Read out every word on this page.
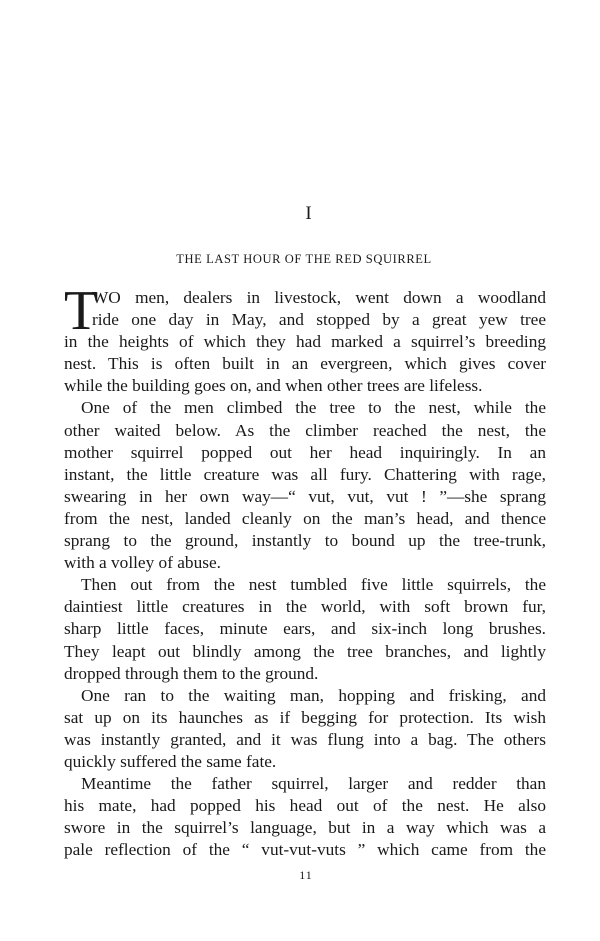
I
THE LAST HOUR OF THE RED SQUIRREL
T
WO men, dealers in livestock, went down a woodland
ride one day in May, and stopped by a great yew tree
in the heights of which they had marked a squirrel’s breeding
nest. This is often built in an evergreen, which gives cover
while the building goes on, and when other trees are lifeless.
One of the men climbed the tree to the nest, while the
other waited below. As the climber reached the nest, the
mother squirrel popped out her head inquiringly. In an
instant, the little creature was all fury. Chattering with rage,
swearing in her own way—“ vut, vut, vut ! ”—she sprang
from the nest, landed cleanly on the man’s head, and thence
sprang to the ground, instantly to bound up the tree-trunk,
with a volley of abuse.
Then out from the nest tumbled five little squirrels, the
daintiest little creatures in the world, with soft brown fur,
sharp little faces, minute ears, and six-inch long brushes.
They leapt out blindly among the tree branches, and lightly
dropped through them to the ground.
One ran to the waiting man, hopping and frisking, and
sat up on its haunches as if begging for protection. Its wish
was instantly granted, and it was flung into a bag. The others
quickly suffered the same fate.
Meantime the father squirrel, larger and redder than
his mate, had popped his head out of the nest. He also
swore in the squirrel’s language, but in a way which was a
pale reflection of the “ vut-vut-vuts ” which came from the
11
